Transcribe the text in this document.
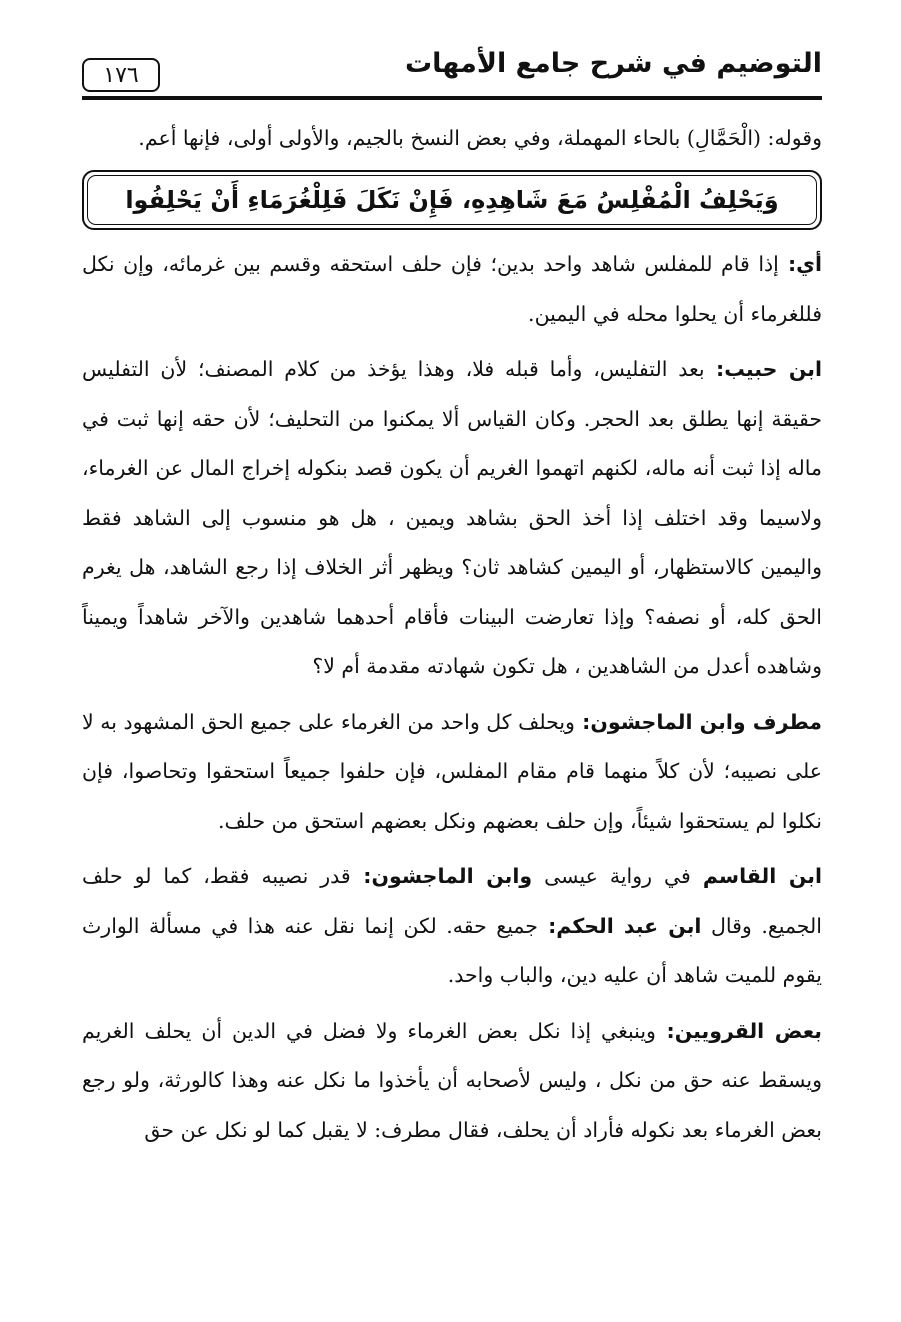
التوضيم في شرح جامع الأمهات
١٧٦

وقوله: (الْحَمَّالِ) بالحاء المهملة، وفي بعض النسخ بالجيم، والأولى أولى، فإنها أعم.

وَيَحْلِفُ الْمُفْلِسُ مَعَ شَاهِدِهِ، فَإِنْ نَكَلَ فَلِلْغُرَمَاءِ أَنْ يَحْلِفُوا

أي: إذا قام للمفلس شاهد واحد بدين؛ فإن حلف استحقه وقسم بين غرمائه، وإن نكل فللغرماء أن يحلوا محله في اليمين.

ابن حبيب: بعد التفليس، وأما قبله فلا، وهذا يؤخذ من كلام المصنف؛ لأن التفليس حقيقة إنها يطلق بعد الحجر. وكان القياس ألا يمكنوا من التحليف؛ لأن حقه إنها ثبت في ماله إذا ثبت أنه ماله، لكنهم اتهموا الغريم أن يكون قصد بنكوله إخراج المال عن الغرماء، ولاسيما وقد اختلف إذا أخذ الحق بشاهد ويمين ، هل هو منسوب إلى الشاهد فقط واليمين كالاستظهار، أو اليمين كشاهد ثان؟ ويظهر أثر الخلاف إذا رجع الشاهد، هل يغرم الحق كله، أو نصفه؟ وإذا تعارضت البينات فأقام أحدهما شاهدين والآخر شاهداً ويميناً وشاهده أعدل من الشاهدين ، هل تكون شهادته مقدمة أم لا؟

مطرف وابن الماجشون: ويحلف كل واحد من الغرماء على جميع الحق المشهود به لا على نصيبه؛ لأن كلاً منهما قام مقام المفلس، فإن حلفوا جميعاً استحقوا وتحاصوا، فإن نكلوا لم يستحقوا شيئاً، وإن حلف بعضهم ونكل بعضهم استحق من حلف.

ابن القاسم في رواية عيسى وابن الماجشون: قدر نصيبه فقط، كما لو حلف الجميع. وقال ابن عبد الحكم: جميع حقه. لكن إنما نقل عنه هذا في مسألة الوارث يقوم للميت شاهد أن عليه دين، والباب واحد.

بعض القرويين: وينبغي إذا نكل بعض الغرماء ولا فضل في الدين أن يحلف الغريم ويسقط عنه حق من نكل ، وليس لأصحابه أن يأخذوا ما نكل عنه وهذا كالورثة، ولو رجع بعض الغرماء بعد نكوله فأراد أن يحلف، فقال مطرف: لا يقبل كما لو نكل عن حق
